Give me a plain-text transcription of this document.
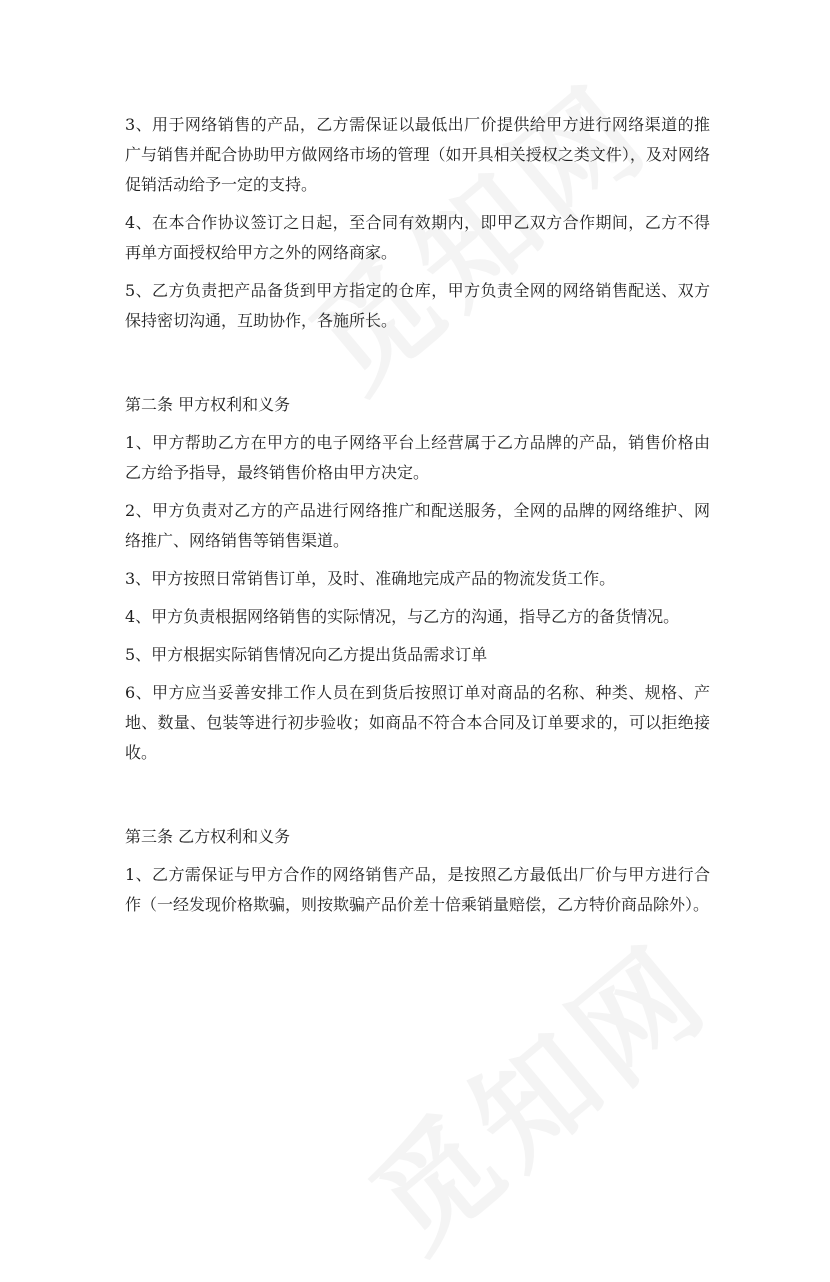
3、用于网络销售的产品，乙方需保证以最低出厂价提供给甲方进行网络渠道的推广与销售并配合协助甲方做网络市场的管理（如开具相关授权之类文件），及对网络促销活动给予一定的支持。

4、在本合作协议签订之日起，至合同有效期内，即甲乙双方合作期间，乙方不得再单方面授权给甲方之外的网络商家。

5、乙方负责把产品备货到甲方指定的仓库，甲方负责全网的网络销售配送、双方保持密切沟通，互助协作，各施所长。

第二条 甲方权利和义务

1、甲方帮助乙方在甲方的电子网络平台上经营属于乙方品牌的产品，销售价格由乙方给予指导，最终销售价格由甲方决定。

2、甲方负责对乙方的产品进行网络推广和配送服务，全网的品牌的网络维护、网络推广、网络销售等销售渠道。

3、甲方按照日常销售订单，及时、准确地完成产品的物流发货工作。

4、甲方负责根据网络销售的实际情况，与乙方的沟通，指导乙方的备货情况。

5、甲方根据实际销售情况向乙方提出货品需求订单

6、甲方应当妥善安排工作人员在到货后按照订单对商品的名称、种类、规格、产地、数量、包装等进行初步验收；如商品不符合本合同及订单要求的，可以拒绝接收。

第三条 乙方权利和义务

1、乙方需保证与甲方合作的网络销售产品，是按照乙方最低出厂价与甲方进行合作（一经发现价格欺骗，则按欺骗产品价差十倍乘销量赔偿，乙方特价商品除外）。
